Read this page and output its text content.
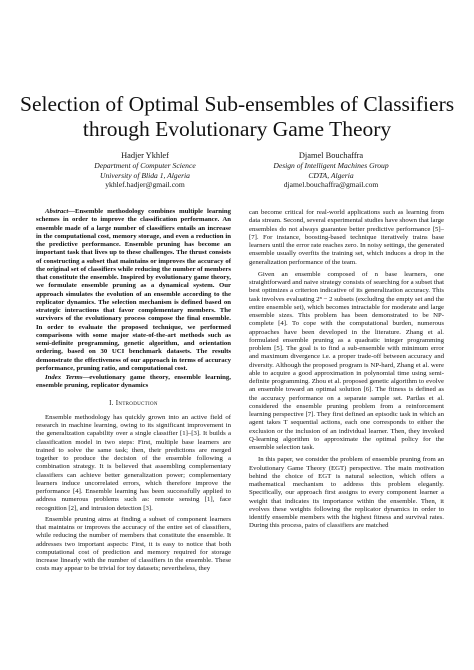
Selection of Optimal Sub-ensembles of Classifiers
through Evolutionary Game Theory
Hadjer Ykhlef
Department of Computer Science
University of Blida 1, Algeria
ykhlef.hadjer@gmail.com
Djamel Bouchaffra
Design of Intelligent Machines Group
CDTA, Algeria
djamel.bouchaffra@gmail.com

Abstract—Ensemble methodology combines multiple learning schemes in order to improve the classification performance. An ensemble made of a large number of classifiers entails an increase in the computational cost, memory storage, and even a reduction in the predictive performance. Ensemble pruning has become an important task that lives up to these challenges. The thrust consists of constructing a subset that maintains or improves the accuracy of the original set of classifiers while reducing the number of members that constitute the ensemble. Inspired by evolutionary game theory, we formulate ensemble pruning as a dynamical system. Our approach simulates the evolution of an ensemble according to the replicator dynamics. The selection mechanism is defined based on strategic interactions that favor complementary members. The survivors of the evolutionary process compose the final ensemble. In order to evaluate the proposed technique, we performed comparisons with some major state-of-the-art methods such as semi-definite programming, genetic algorithm, and orientation ordering, based on 30 UCI benchmark datasets. The results demonstrate the effectiveness of our approach in terms of accuracy performance, pruning ratio, and computational cost.

Index Terms—evolutionary game theory, ensemble learning, ensemble pruning, replicator dynamics

I. Introduction

Ensemble methodology has quickly grown into an active field of research in machine learning, owing to its significant improvement in the generalization capability over a single classifier [1]–[3]. It builds a classification model in two steps: First, multiple base learners are trained to solve the same task; then, their predictions are merged together to produce the decision of the ensemble following a combination strategy. It is believed that assembling complementary classifiers can achieve better generalization power; complementary learners induce uncorrelated errors, which therefore improve the performance [4]. Ensemble learning has been successfully applied to address numerous problems such as: remote sensing [1], face recognition [2], and intrusion detection [3].

Ensemble pruning aims at finding a subset of component learners that maintains or improves the accuracy of the entire set of classifiers, while reducing the number of members that constitute the ensemble. It addresses two important aspects: First, it is easy to notice that both computational cost of prediction and memory required for storage increase linearly with the number of classifiers in the ensemble. These costs may appear to be trivial for toy datasets; nevertheless, they

can become critical for real-world applications such as learning from data stream. Second, several experimental studies have shown that large ensembles do not always guarantee better predictive performance [5]–[7]. For instance, boosting-based technique iteratively trains base learners until the error rate reaches zero. In noisy settings, the generated ensemble usually overfits the training set, which induces a drop in the generalization performance of the team.

Given an ensemble composed of n base learners, one straightforward and naive strategy consists of searching for a subset that best optimizes a criterion indicative of its generalization accuracy. This task involves evaluating 2ⁿ − 2 subsets (excluding the empty set and the entire ensemble set), which becomes intractable for moderate and large ensemble sizes. This problem has been demonstrated to be NP-complete [4]. To cope with the computational burden, numerous approaches have been developed in the literature. Zhang et al. formulated ensemble pruning as a quadratic integer programming problem [5]. The goal is to find a sub-ensemble with minimum error and maximum divergence i.e. a proper trade-off between accuracy and diversity. Although the proposed program is NP-hard, Zhang et al. were able to acquire a good approximation in polynomial time using semi-definite programming. Zhou et al. proposed genetic algorithm to evolve an ensemble toward an optimal solution [6]. The fitness is defined as the accuracy performance on a separate sample set. Partlas et al. considered the ensemble pruning problem from a reinforcement learning perspective [7]. They first defined an episodic task in which an agent takes T sequential actions, each one corresponds to either the exclusion or the inclusion of an individual learner. Then, they invoked Q-learning algorithm to approximate the optimal policy for the ensemble selection task.

In this paper, we consider the problem of ensemble pruning from an Evolutionary Game Theory (EGT) perspective. The main motivation behind the choice of EGT is natural selection, which offers a mathematical mechanism to address this problem elegantly. Specifically, our approach first assigns to every component learner a weight that indicates its importance within the ensemble. Then, it evolves these weights following the replicator dynamics in order to identify ensemble members with the highest fitness and survival rates. During this process, pairs of classifiers are matched
